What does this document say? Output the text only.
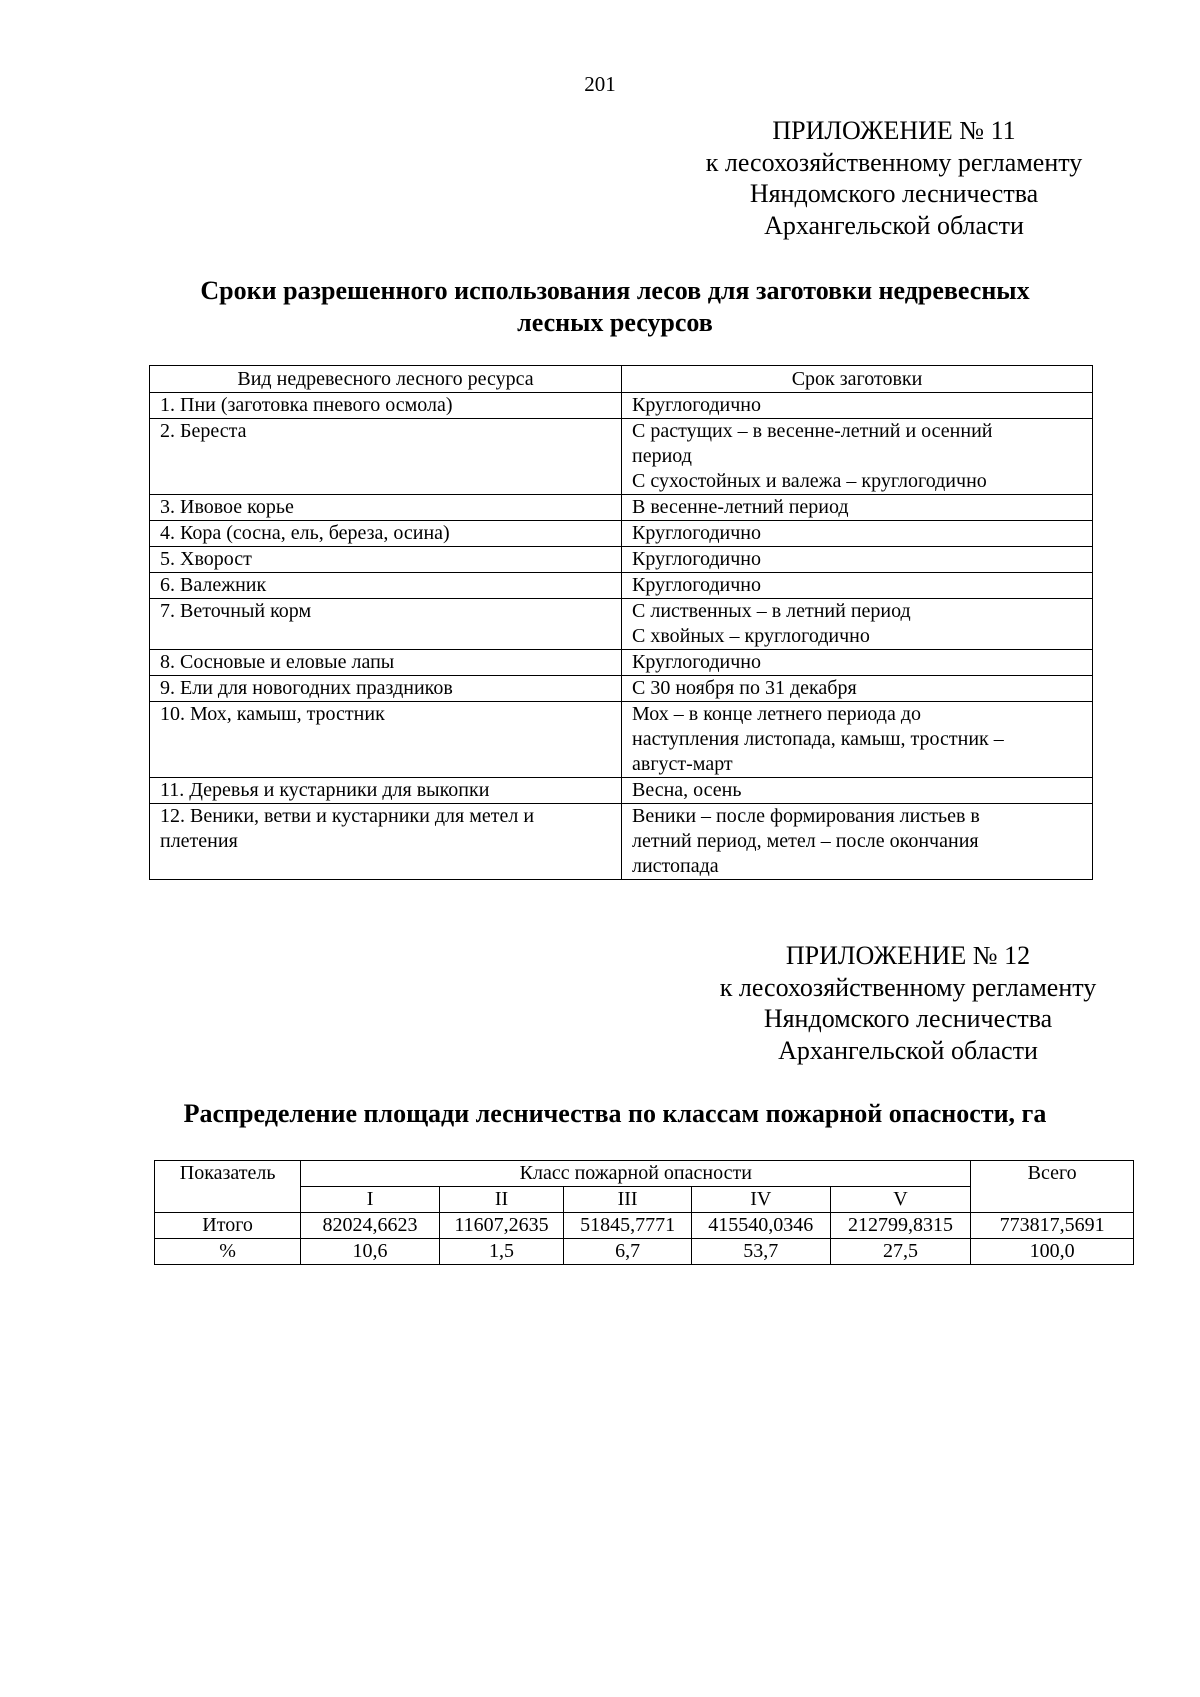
201
ПРИЛОЖЕНИЕ № 11
к лесохозяйственному регламенту
Няндомского лесничества
Архангельской области
Сроки разрешенного использования лесов для заготовки недревесных
лесных ресурсов
Вид недревесного лесного ресурса	Срок заготовки
1. Пни (заготовка пневого осмола)	Круглогодично

2. Береста	С растущих – в весенне-летний и осенний
период
С сухостойных и валежа – круглогодично

3. Ивовое корье	В весенне-летний период

4. Кора (сосна, ель, береза, осина)	Круглогодично

5. Хворост	Круглогодично

6. Валежник	Круглогодично

7. Веточный корм	С лиственных – в летний период
С хвойных – круглогодично

8. Сосновые и еловые лапы	Круглогодично

9. Ели для новогодних праздников	С 30 ноября по 31 декабря

10. Мох, камыш, тростник	Мох – в конце летнего периода до
наступления листопада, камыш, тростник –
август-март

11. Деревья и кустарники для выкопки	Весна, осень

12. Веники, ветви и кустарники для метел и плетения	Веники – после формирования листьев в
летний период, метел – после окончания
листопада
ПРИЛОЖЕНИЕ № 12
к лесохозяйственному регламенту
Няндомского лесничества
Архангельской области
Распределение площади лесничества по классам пожарной опасности, га
Показатель	Класс пожарной опасности					Всего
	I	II	III	IV	V	
Итого	82024,6623	11607,2635	51845,7771	415540,0346	212799,8315	773817,5691
%	10,6	1,5	6,7	53,7	27,5	100,0
